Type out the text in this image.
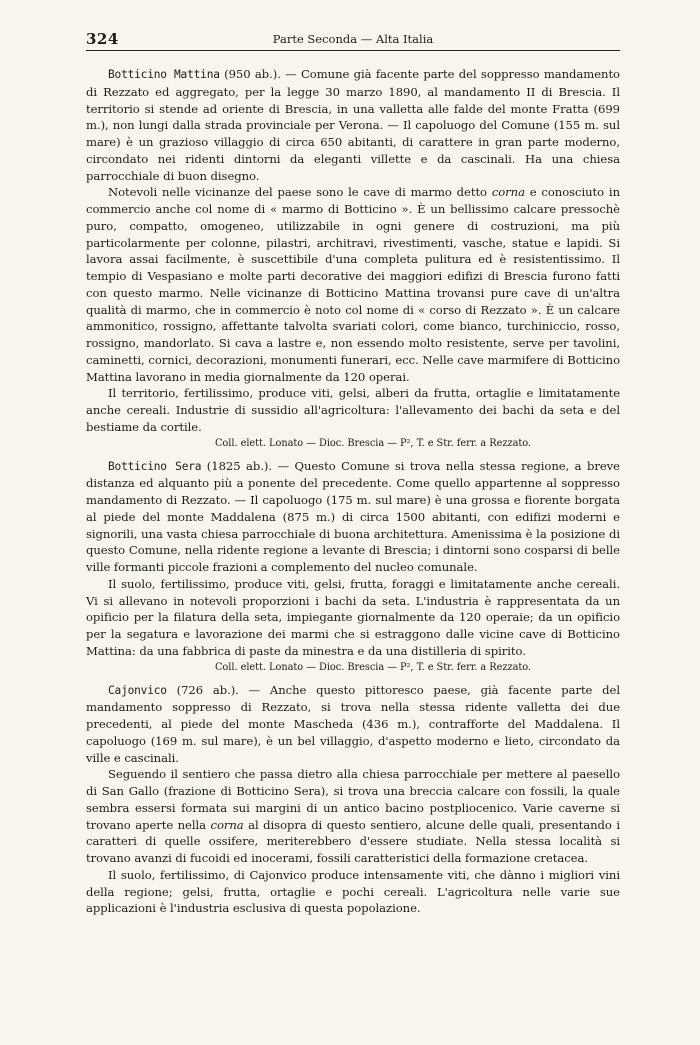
324	Parte Seconda — Alta Italia

Botticino Mattina (950 ab.). — Comune già facente parte del soppresso mandamento di Rezzato ed aggregato, per la legge 30 marzo 1890, al mandamento II di Brescia. Il territorio si stende ad oriente di Brescia, in una valletta alle falde del monte Fratta (699 m.), non lungi dalla strada provinciale per Verona. — Il capoluogo del Comune (155 m. sul mare) è un grazioso villaggio di circa 650 abitanti, di carattere in gran parte moderno, circondato nei ridenti dintorni da eleganti villette e da cascinali. Ha una chiesa parrocchiale di buon disegno.

Notevoli nelle vicinanze del paese sono le cave di marmo detto corna e conosciuto in commercio anche col nome di « marmo di Botticino ». È un bellissimo calcare pressochè puro, compatto, omogeneo, utilizzabile in ogni genere di costruzioni, ma più particolarmente per colonne, pilastri, architravi, rivestimenti, vasche, statue e lapidi. Si lavora assai facilmente, è suscettibile d'una completa pulitura ed è resistentissimo. Il tempio di Vespasiano e molte parti decorative dei maggiori edifizi di Brescia furono fatti con questo marmo. Nelle vicinanze di Botticino Mattina trovansi pure cave di un'altra qualità di marmo, che in commercio è noto col nome di « corso di Rezzato ». È un calcare ammonitico, rossigno, affettante talvolta svariati colori, come bianco, turchiniccio, rosso, rossigno, mandorlato. Si cava a lastre e, non essendo molto resistente, serve per tavolini, caminetti, cornici, decorazioni, monumenti funerari, ecc. Nelle cave marmifere di Botticino Mattina lavorano in media giornalmente da 120 operai.

Il territorio, fertilissimo, produce viti, gelsi, alberi da frutta, ortaglie e limitatamente anche cereali. Industrie di sussidio all'agricoltura: l'allevamento dei bachi da seta e del bestiame da cortile.

Coll. elett. Lonato — Dioc. Brescia — P², T. e Str. ferr. a Rezzato.

Botticino Sera (1825 ab.). — Questo Comune si trova nella stessa regione, a breve distanza ed alquanto più a ponente del precedente. Come quello appartenne al soppresso mandamento di Rezzato. — Il capoluogo (175 m. sul mare) è una grossa e fiorente borgata al piede del monte Maddalena (875 m.) di circa 1500 abitanti, con edifizi moderni e signorili, una vasta chiesa parrocchiale di buona architettura. Amenissima è la posizione di questo Comune, nella ridente regione a levante di Brescia; i dintorni sono cosparsi di belle ville formanti piccole frazioni a complemento del nucleo comunale.

Il suolo, fertilissimo, produce viti, gelsi, frutta, foraggi e limitatamente anche cereali. Vi si allevano in notevoli proporzioni i bachi da seta. L'industria è rappresentata da un opificio per la filatura della seta, impiegante giornalmente da 120 operaie; da un opificio per la segatura e lavorazione dei marmi che si estraggono dalle vicine cave di Botticino Mattina: da una fabbrica di paste da minestra e da una distilleria di spirito.

Coll. elett. Lonato — Dioc. Brescia — P², T. e Str. ferr. a Rezzato.

Cajonvico (726 ab.). — Anche questo pittoresco paese, già facente parte del mandamento soppresso di Rezzato, si trova nella stessa ridente valletta dei due precedenti, al piede del monte Mascheda (436 m.), contrafforte del Maddalena. Il capoluogo (169 m. sul mare), è un bel villaggio, d'aspetto moderno e lieto, circondato da ville e cascinali.

Seguendo il sentiero che passa dietro alla chiesa parrocchiale per mettere al paesello di San Gallo (frazione di Botticino Sera), si trova una breccia calcare con fossili, la quale sembra essersi formata sui margini di un antico bacino postpliocenico. Varie caverne si trovano aperte nella corna al disopra di questo sentiero, alcune delle quali, presentando i caratteri di quelle ossifere, meriterebbero d'essere studiate. Nella stessa località si trovano avanzi di fucoidi ed inocerami, fossili caratteristici della formazione cretacea.

Il suolo, fertilissimo, di Cajonvico produce intensamente viti, che dànno i migliori vini della regione; gelsi, frutta, ortaglie e pochi cereali. L'agricoltura nelle varie sue applicazioni è l'industria esclusiva di questa popolazione.
